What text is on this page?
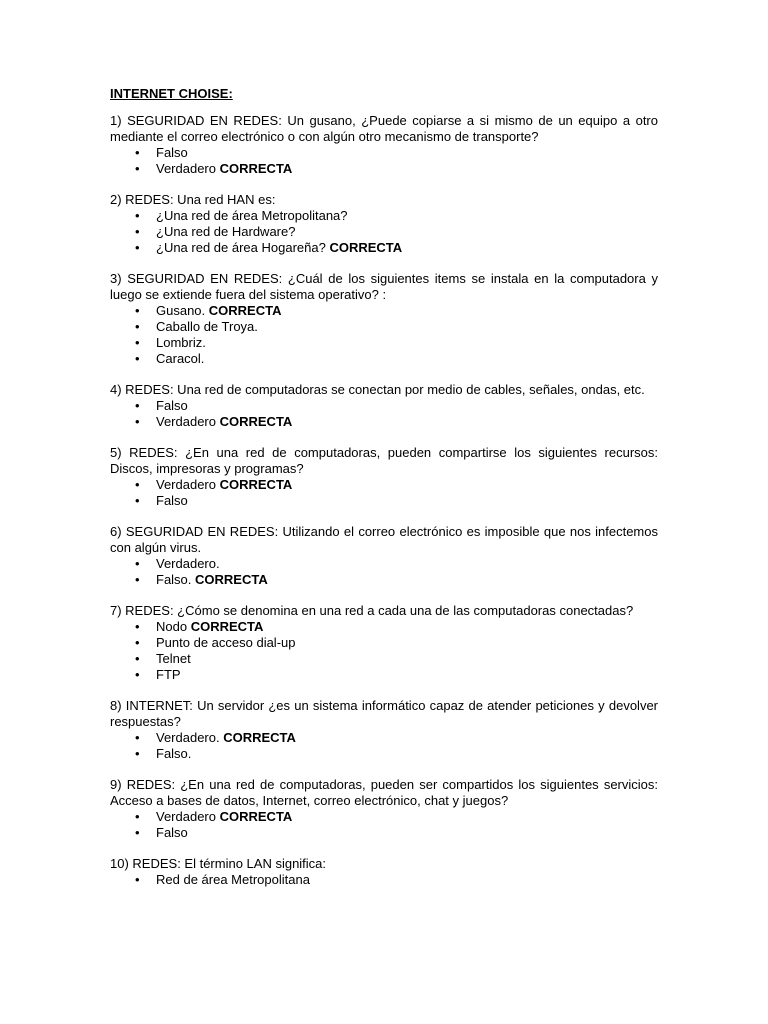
INTERNET CHOISE:
1) SEGURIDAD EN REDES: Un gusano, ¿Puede copiarse a si mismo de un equipo a otro mediante el correo electrónico o con algún otro mecanismo de transporte?
• Falso
• Verdadero CORRECTA
2) REDES: Una red HAN es:
• ¿Una red de área Metropolitana?
• ¿Una red de Hardware?
• ¿Una red de área Hogareña? CORRECTA
3) SEGURIDAD EN REDES: ¿Cuál de los siguientes items se instala en la computadora y luego se extiende fuera del sistema operativo? :
• Gusano. CORRECTA
• Caballo de Troya.
• Lombriz.
• Caracol.
4) REDES: Una red de computadoras se conectan por medio de cables, señales, ondas, etc.
• Falso
• Verdadero CORRECTA
5) REDES: ¿En una red de computadoras, pueden compartirse los siguientes recursos: Discos, impresoras y programas?
• Verdadero CORRECTA
• Falso
6) SEGURIDAD EN REDES: Utilizando el correo electrónico es imposible que nos infectemos con algún virus.
• Verdadero.
• Falso. CORRECTA
7) REDES: ¿Cómo se denomina en una red a cada una de las computadoras conectadas?
• Nodo CORRECTA
• Punto de acceso dial-up
• Telnet
• FTP
8) INTERNET: Un servidor ¿es un sistema informático capaz de atender peticiones y devolver respuestas?
• Verdadero. CORRECTA
• Falso.
9) REDES: ¿En una red de computadoras, pueden ser compartidos los siguientes servicios: Acceso a bases de datos, Internet, correo electrónico, chat y juegos?
• Verdadero CORRECTA
• Falso
10) REDES: El término LAN significa:
• Red de área Metropolitana
